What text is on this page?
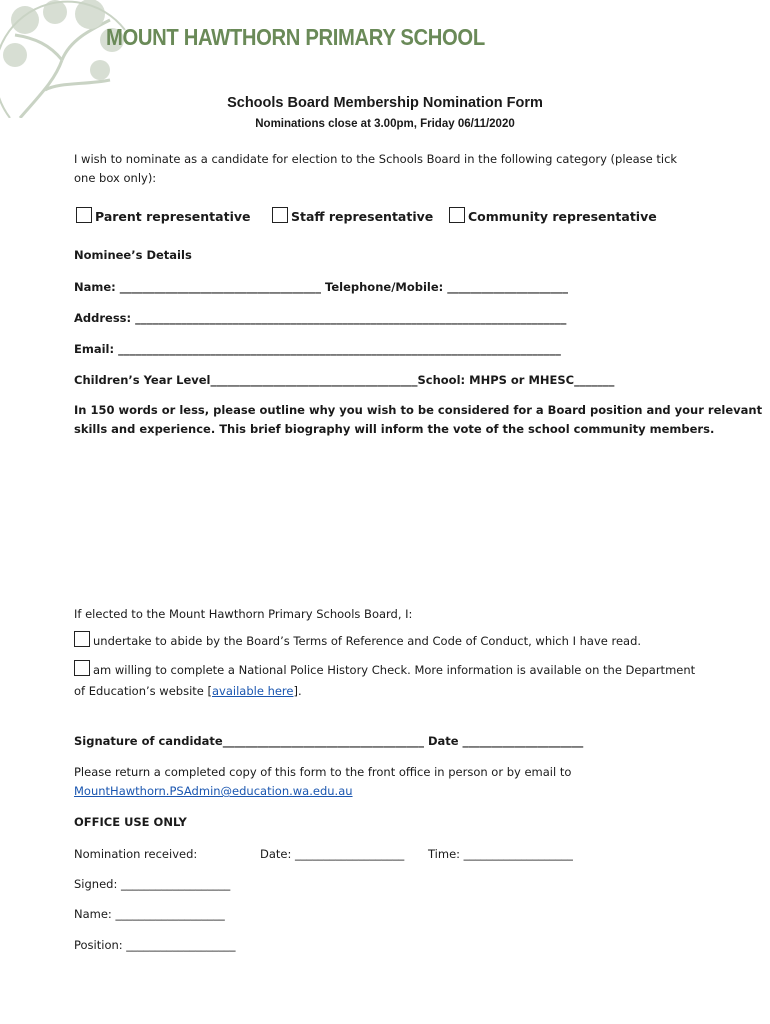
MOUNT HAWTHORN PRIMARY SCHOOL
Schools Board Membership Nomination Form
Nominations close at 3.00pm, Friday 06/11/2020
I wish to nominate as a candidate for election to the Schools Board in the following category (please tick
one box only):
Parent representative	Staff representative	Community representative
Nominee’s Details
Name: ___________________________________ Telephone/Mobile: _____________________
Address: ___________________________________________________________________________
Email: _____________________________________________________________________________
Children’s Year Level____________________________________School: MHPS or MHESC_______
In 150 words or less, please outline why you wish to be considered for a Board position and your relevant
skills and experience. This brief biography will inform the vote of the school community members.
If elected to the Mount Hawthorn Primary Schools Board, I:
undertake to abide by the Board’s Terms of Reference and Code of Conduct, which I have read.
am willing to complete a National Police History Check. More information is available on the Department
of Education’s website [available here].
Signature of candidate___________________________________ Date _____________________
Please return a completed copy of this form to the front office in person or by email to
MountHawthorn.PSAdmin@education.wa.edu.au
OFFICE USE ONLY
Nomination received:	Date: ___________________ Time: ___________________
Signed: ___________________
Name: ___________________
Position: ___________________
